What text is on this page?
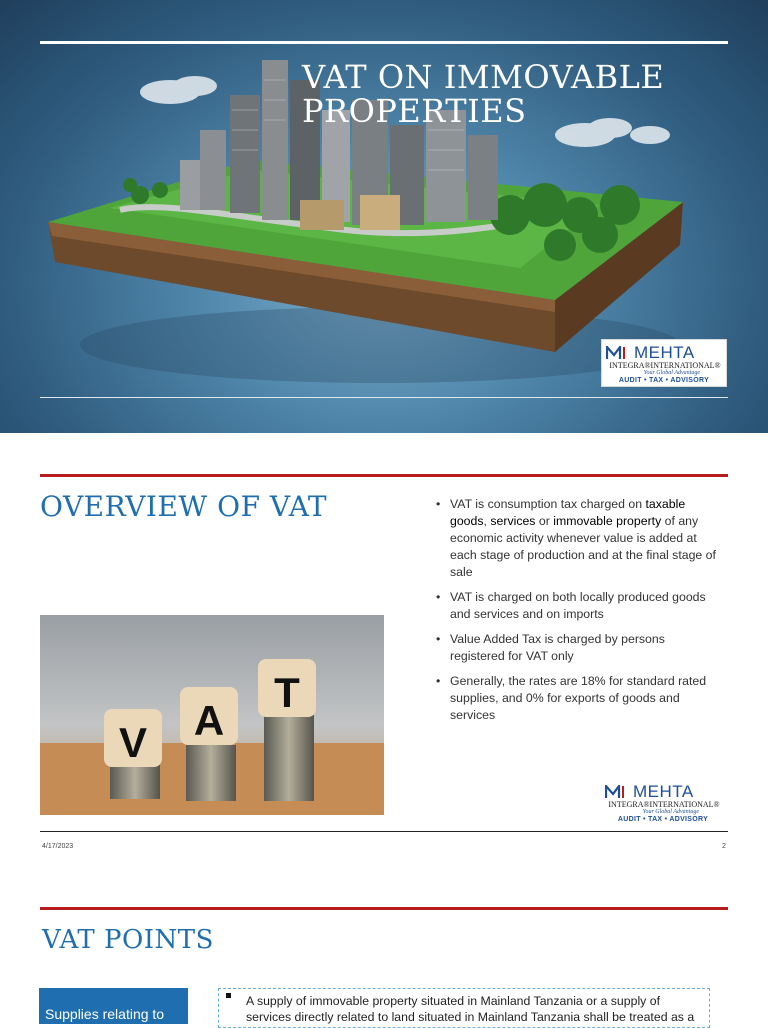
VAT ON IMMOVABLE PROPERTIES
MEHTA
INTEGRA®INTERNATIONAL®
Your Global Advantage
AUDIT • TAX • ADVISORY
OVERVIEW OF VAT
V A
T
• VAT is consumption tax charged on taxable goods, services or immovable property of any economic activity whenever value is added at each stage of production and at the final stage of sale
• VAT is charged on both locally produced goods and services and on imports
• Value Added Tax is charged by persons registered for VAT only
• Generally, the rates are 18% for standard rated supplies, and 0% for exports of goods and services
MEHTA
INTEGRA®INTERNATIONAL®
Your Global Advantage
AUDIT • TAX • ADVISORY
4/17/2023	2
VAT POINTS
Supplies relating to
A supply of immovable property situated in Mainland Tanzania or a supply of services directly related to land situated in Mainland Tanzania shall be treated as a
